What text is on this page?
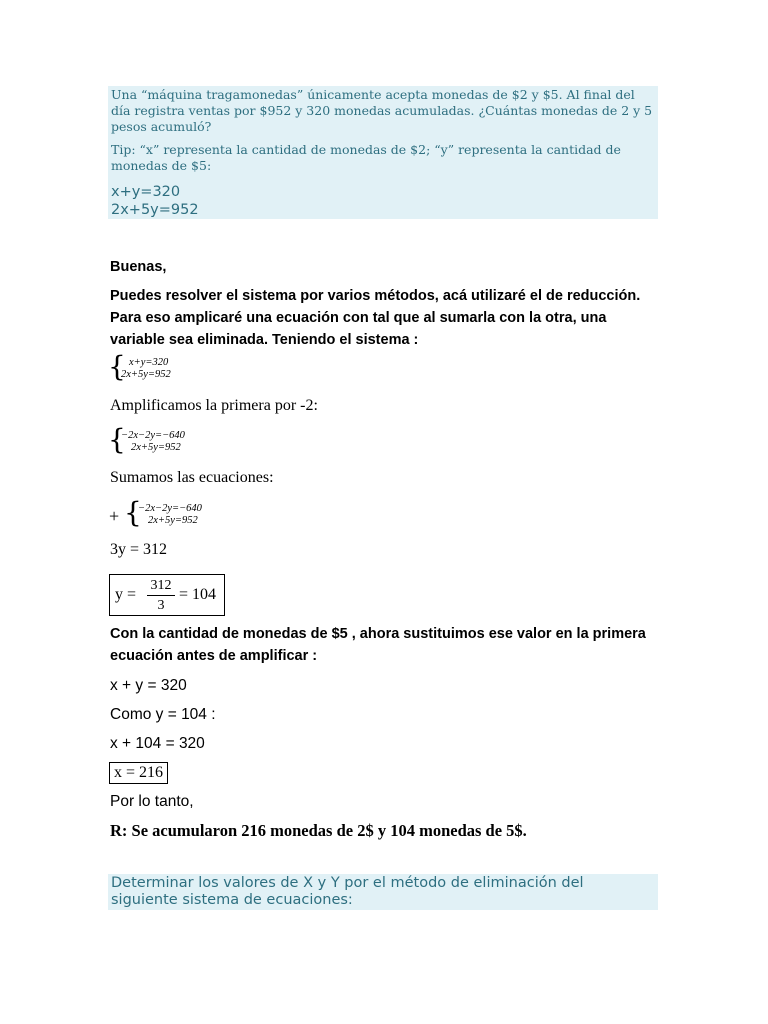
Una “máquina tragamonedas” únicamente acepta monedas de $2 y $5. Al final del día registra ventas por $952 y 320 monedas acumuladas. ¿Cuántas monedas de 2 y 5 pesos acumuló?
Tip: “x” representa la cantidad de monedas de $2; “y” representa la cantidad de monedas de $5:
x+y=320
2x+5y=952
Buenas,
Puedes resolver el sistema por varios métodos, acá utilizaré el de reducción. Para eso amplicaré una ecuación con tal que al sumarla con la otra, una variable sea eliminada. Teniendo el sistema :
{ x+y=320
2x+5y=952
Amplificamos la primera por -2:
{
−2x−2y=−640
2x+5y=952
Sumamos las ecuaciones:
+ {
−2x−2y=−640
2x+5y=952
3y = 312
y =
312
3
= 104
Con la cantidad de monedas de $5 , ahora sustituimos ese valor en la primera ecuación antes de amplificar :
x + y = 320
Como y = 104 :
x + 104 = 320
x = 216
Por lo tanto,
R: Se acumularon 216 monedas de 2$ y 104 monedas de 5$.
Determinar los valores de X y Y por el método de eliminación del siguiente sistema de ecuaciones:
